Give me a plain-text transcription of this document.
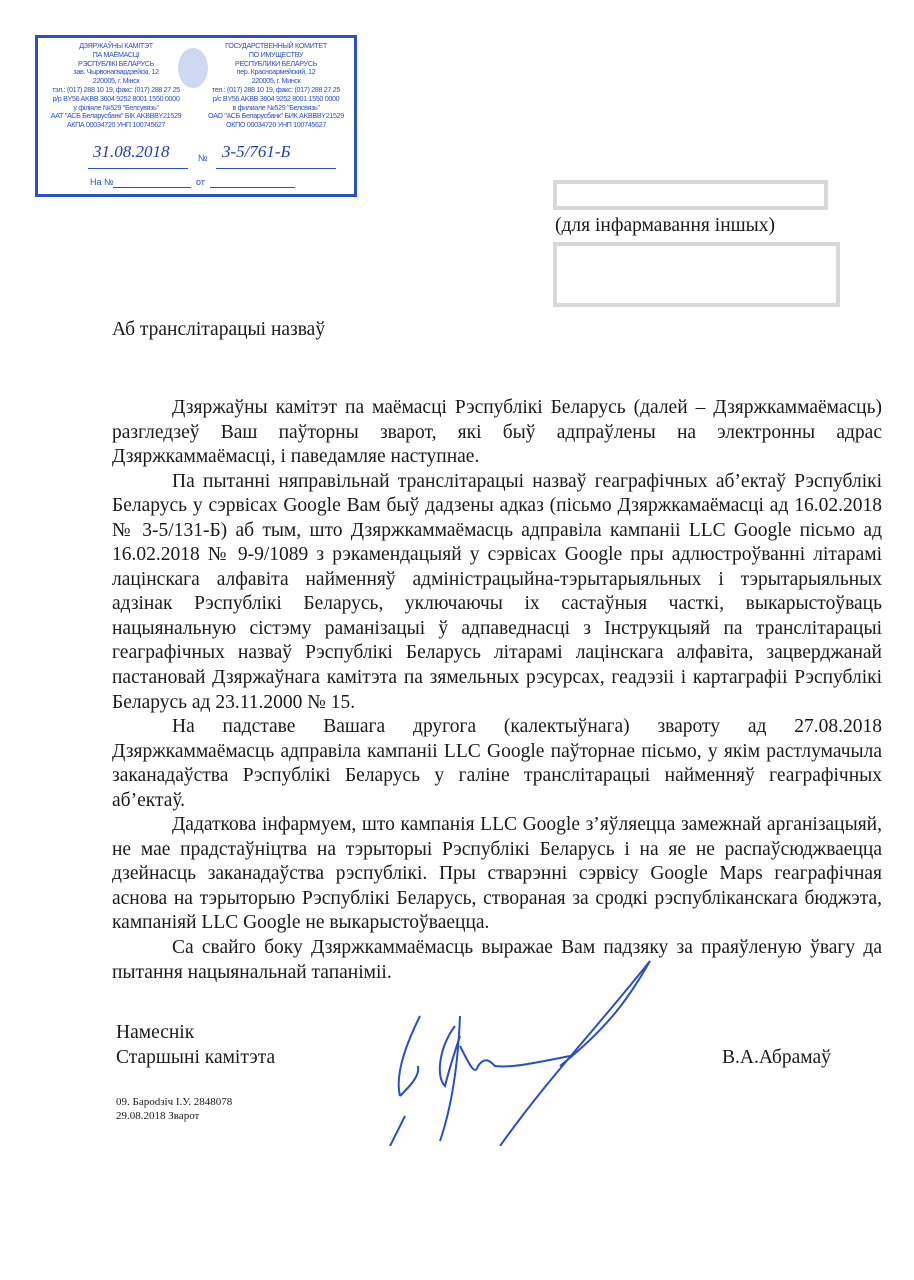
ДЗЯРЖАЎНЫ КАМІТЭТ
ПА МАЁМАСЦІ
РЭСПУБЛІКІ БЕЛАРУСЬ
зав. Чырвонагвардзейскі, 12
220005, г. Мінск
тэл.: (017) 288 10 19, факс: (017) 288 27 25
р/р BY56 AKBB 3604 9252 8001 1550 0000
у філіяле №529 "Белсувязь"
ААТ "АСБ Беларусбанк" БІК AKBBBY21529
АКПА 00034720 УНП 100745627
ГОСУДАРСТВЕННЫЙ КОМИТЕТ
ПО ИМУЩЕСТВУ
РЕСПУБЛИКИ БЕЛАРУСЬ
пер. Красноармейский, 12
220005, г. Минск
тел.: (017) 288 10 19, факс: (017) 288 27 25
р/с BY56 AKBB 3604 9252 8001 1550 0000
в филиале №529 "Белсвязь"
ОАО "АСБ Беларусбанк" БИК AKBBBY21529
ОКПО 00034720 УНП 100745627
31.08.2018	№ 3-5/761-Б
На №	от
(для інфармавання іншых)
Аб транслітарацыі назваў

Дзяржаўны камітэт па маёмасці Рэспублікі Беларусь (далей – Дзяржкаммаёмасць) разгледзеў Ваш паўторны зварот, які быў адпраўлены на электронны адрас Дзяржкаммаёмасці, і паведамляе наступнае.

Па пытанні няправільнай транслітарацыі назваў геаграфічных аб’ектаў Рэспублікі Беларусь у сэрвісах Google Вам быў дадзены адказ (пісьмо Дзяржкамаёмасці ад 16.02.2018 № 3-5/131-Б) аб тым, што Дзяржкаммаёмасць адправіла кампаніі LLC Google пісьмо ад 16.02.2018 № 9-9/1089 з рэкамендацыяй у сэрвісах Google пры адлюстроўванні літарамі лацінскага алфавіта найменняў адміністрацыйна-тэрытарыяльных і тэрытарыяльных адзінак Рэспублікі Беларусь, уключаючы іх састаўныя часткі, выкарыстоўваць нацыянальную сістэму раманізацыі ў адпаведнасці з Інструкцыяй па транслітарацыі геаграфічных назваў Рэспублікі Беларусь літарамі лацінскага алфавіта, зацверджанай пастановай Дзяржаўнага камітэта па зямельных рэсурсах, геадэзіі і картаграфіі Рэспублікі Беларусь ад 23.11.2000 № 15.

На падставе Вашага другога (калектыўнага) звароту ад 27.08.2018 Дзяржкаммаёмасць адправіла кампаніі LLC Google паўторнае пісьмо, у якім растлумачыла заканадаўства Рэспублікі Беларусь у галіне транслітарацыі найменняў геаграфічных аб’ектаў.

Дадаткова інфармуем, што кампанія LLC Google з’яўляецца замежнай арганізацыяй, не мае прадстаўніцтва на тэрыторыі Рэспублікі Беларусь і на яе не распаўсюджваецца дзейнасць заканадаўства рэспублікі. Пры стварэнні сэрвісу Google Maps геаграфічная аснова на тэрыторыю Рэспублікі Беларусь, створаная за сродкі рэспубліканскага бюджэта, кампаніяй LLC Google не выкарыстоўваецца.

Са свайго боку Дзяржкаммаёмасць выражае Вам падзяку за праяўленую ўвагу да пытання нацыянальнай тапаніміі.

Намеснік
Старшыні камітэта	В.А.Абрамаў
09. Барodзіч І.У. 2848078
29.08.2018 Зварот
